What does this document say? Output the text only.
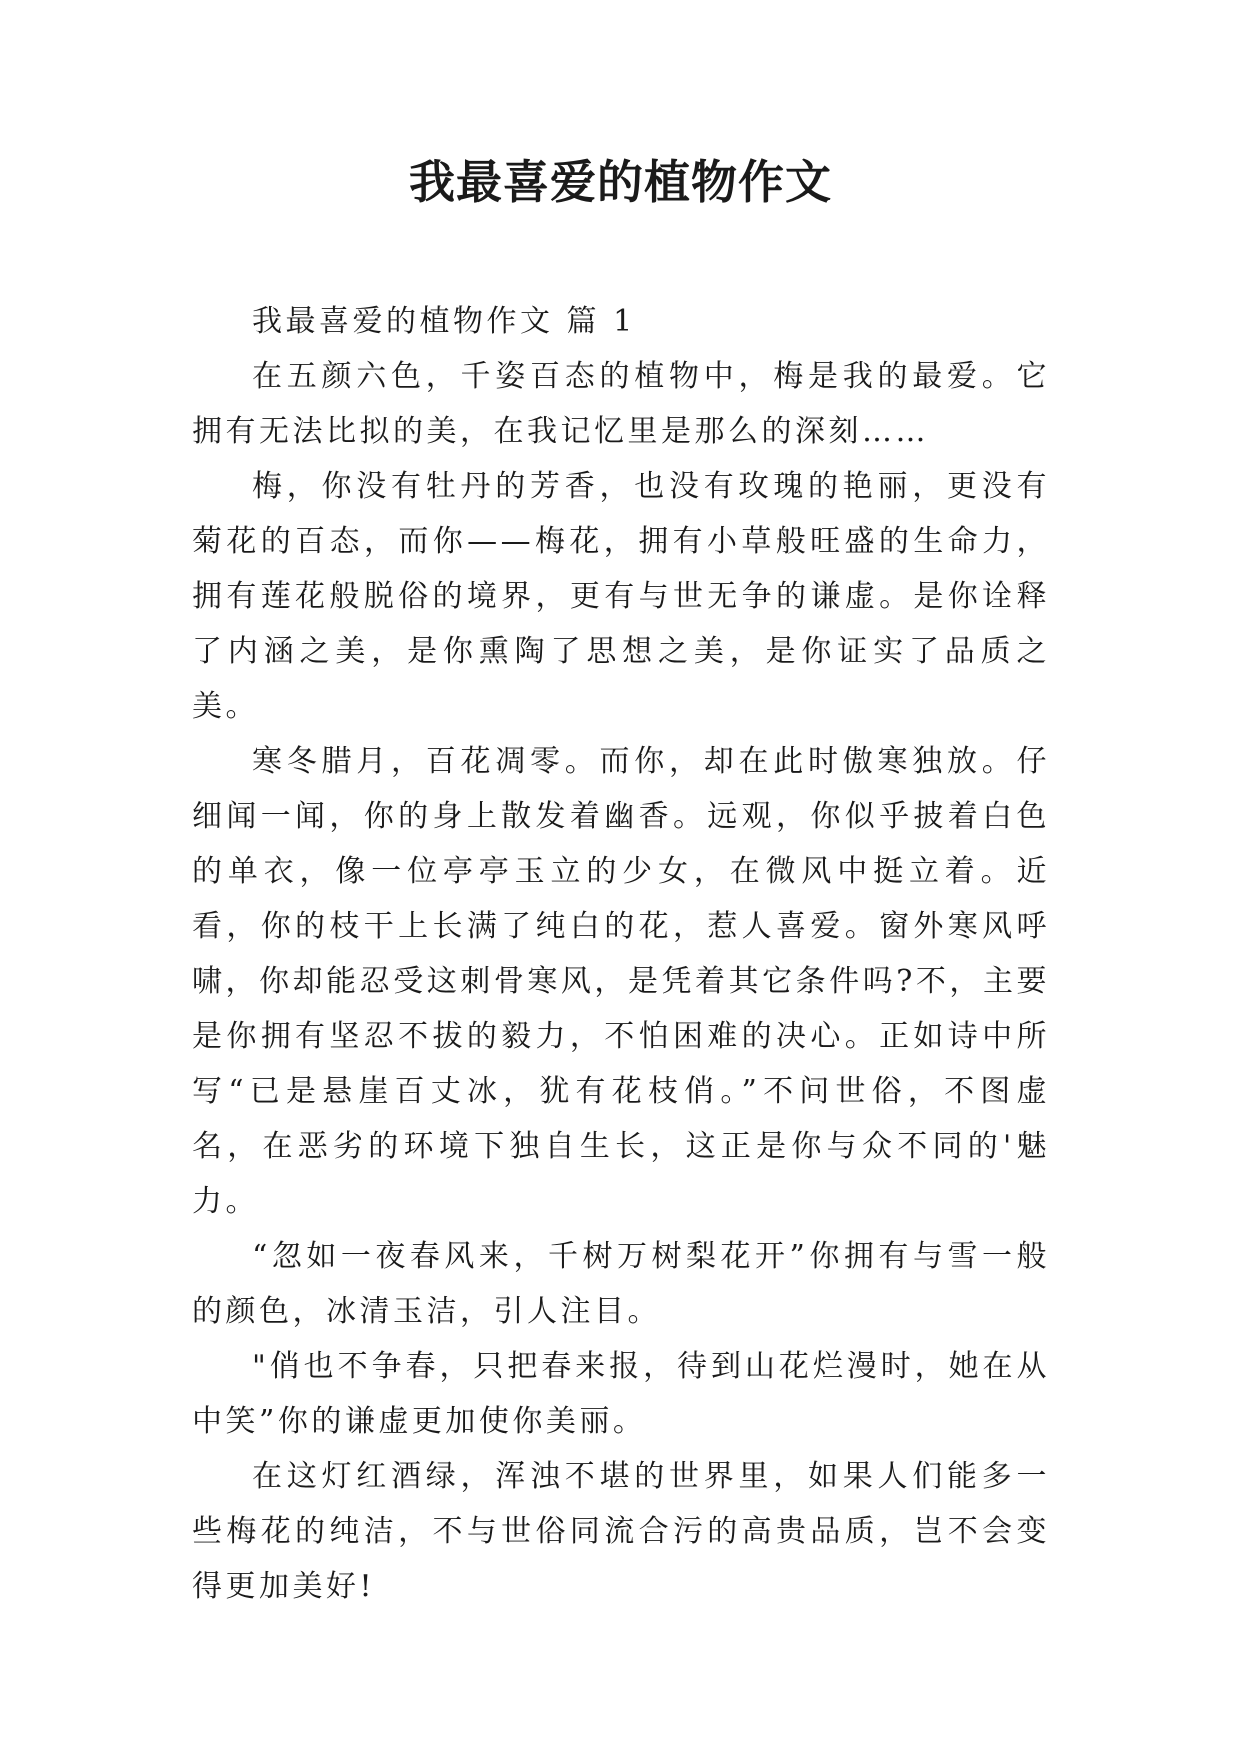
我最喜爱的植物作文

我最喜爱的植物作文 篇 1

在五颜六色，千姿百态的植物中，梅是我的最爱。它拥有无法比拟的美，在我记忆里是那么的深刻……

梅，你没有牡丹的芳香，也没有玫瑰的艳丽，更没有菊花的百态，而你——梅花，拥有小草般旺盛的生命力，拥有莲花般脱俗的境界，更有与世无争的谦虚。是你诠释了内涵之美，是你熏陶了思想之美，是你证实了品质之美。

寒冬腊月，百花凋零。而你，却在此时傲寒独放。仔细闻一闻，你的身上散发着幽香。远观，你似乎披着白色的单衣，像一位亭亭玉立的少女，在微风中挺立着。近看，你的枝干上长满了纯白的花，惹人喜爱。窗外寒风呼啸，你却能忍受这刺骨寒风，是凭着其它条件吗?不，主要是你拥有坚忍不拔的毅力，不怕困难的决心。正如诗中所写“已是悬崖百丈冰，犹有花枝俏。”不问世俗，不图虚名，在恶劣的环境下独自生长，这正是你与众不同的'魅力。

“忽如一夜春风来，千树万树梨花开”你拥有与雪一般的颜色，冰清玉洁，引人注目。

"俏也不争春，只把春来报，待到山花烂漫时，她在从中笑”你的谦虚更加使你美丽。

在这灯红酒绿，浑浊不堪的世界里，如果人们能多一些梅花的纯洁，不与世俗同流合污的高贵品质，岂不会变得更加美好!
